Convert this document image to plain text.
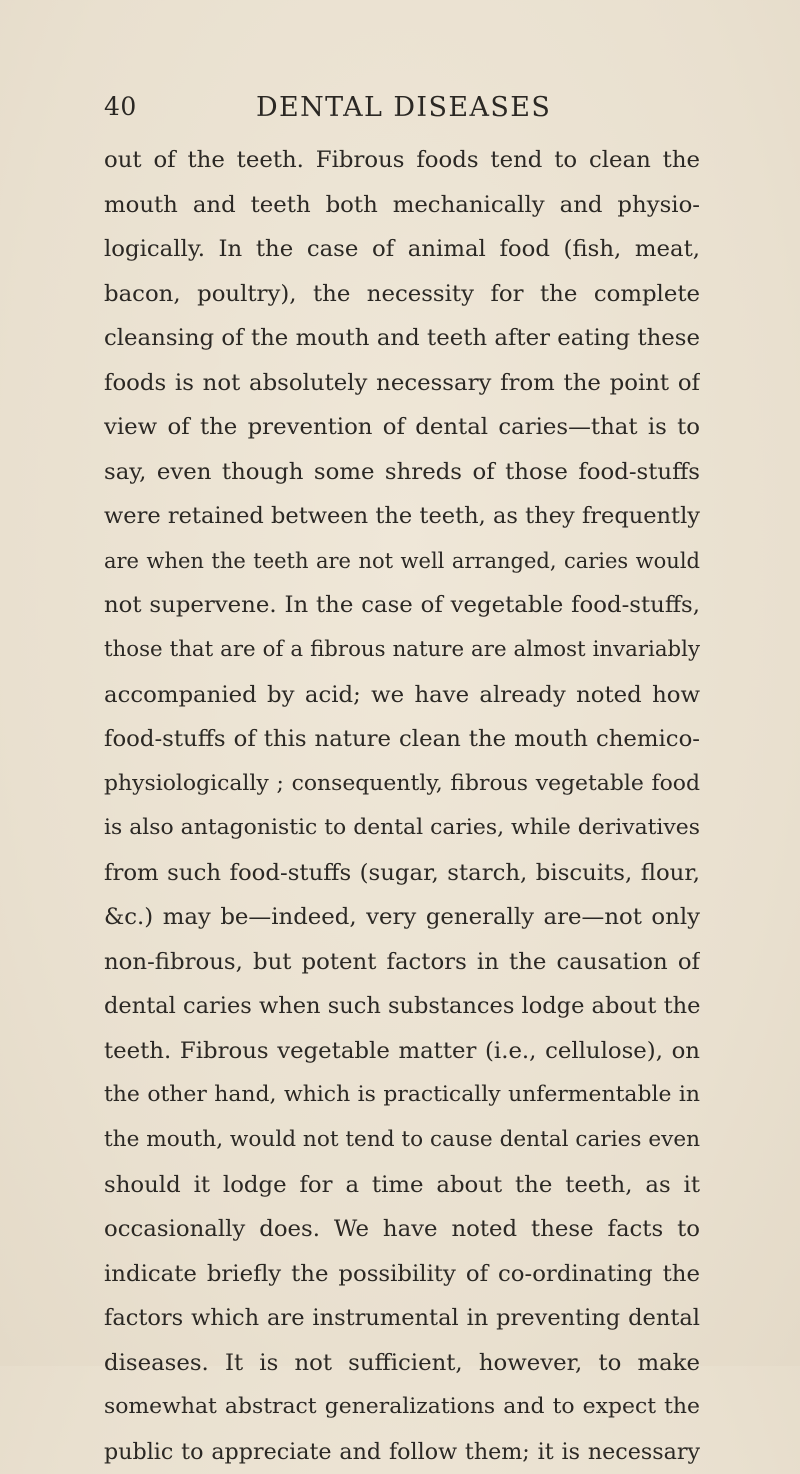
40	DENTAL DISEASES
out of the teeth. Fibrous foods tend to clean the
mouth and teeth both mechanically and physio-
logically. In the case of animal food (fish, meat,
bacon, poultry), the necessity for the complete
cleansing of the mouth and teeth after eating these
foods is not absolutely necessary from the point of
view of the prevention of dental caries—that is to
say, even though some shreds of those food-stuffs
were retained between the teeth, as they frequently
are when the teeth are not well arranged, caries would
not supervene. In the case of vegetable food-stuffs,
those that are of a fibrous nature are almost invariably
accompanied by acid; we have already noted how
food-stuffs of this nature clean the mouth chemico-
physiologically ; consequently, fibrous vegetable food
is also antagonistic to dental caries, while derivatives
from such food-stuffs (sugar, starch, biscuits, flour,
&c.) may be—indeed, very generally are—not only
non-fibrous, but potent factors in the causation of
dental caries when such substances lodge about the
teeth. Fibrous vegetable matter (i.e., cellulose), on
the other hand, which is practically unfermentable in
the mouth, would not tend to cause dental caries even
should it lodge for a time about the teeth, as it
occasionally does. We have noted these facts to
indicate briefly the possibility of co-ordinating the
factors which are instrumental in preventing dental
diseases. It is not sufficient, however, to make
somewhat abstract generalizations and to expect the
public to appreciate and follow them; it is necessary
